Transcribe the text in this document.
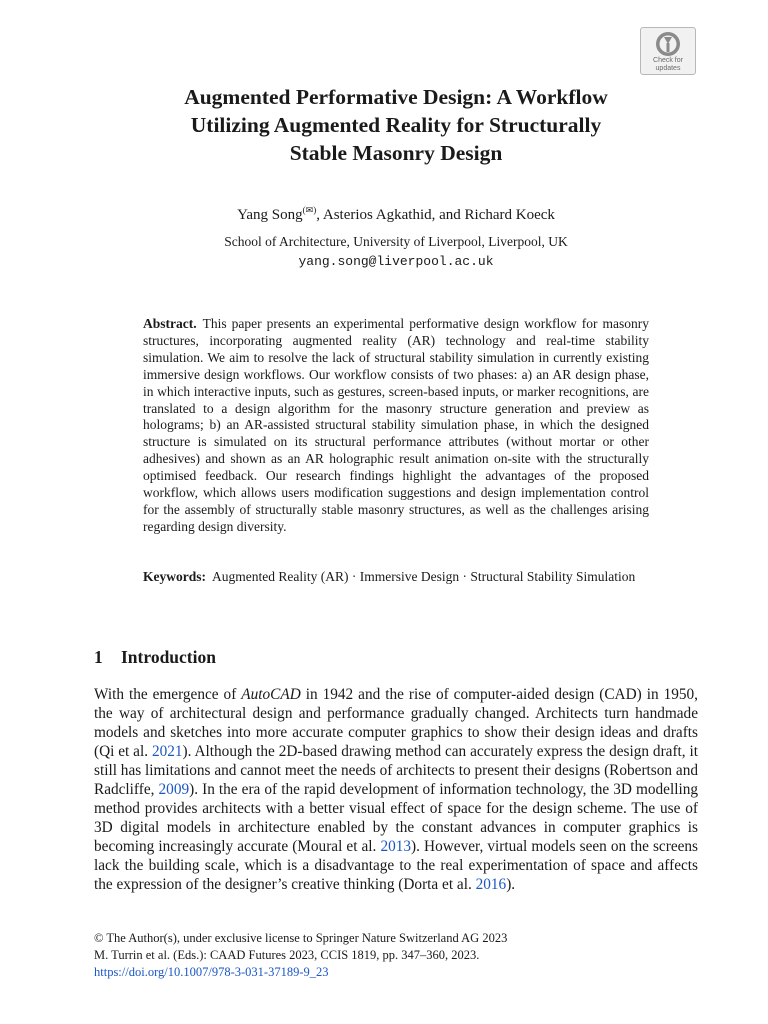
Check for
updates
Augmented Performative Design: A Workflow
Utilizing Augmented Reality for Structurally
Stable Masonry Design
Yang Song(✉), Asterios Agkathid, and Richard Koeck
School of Architecture, University of Liverpool, Liverpool, UK
yang.song@liverpool.ac.uk

Abstract. This paper presents an experimental performative design workflow for masonry structures, incorporating augmented reality (AR) technology and real-time stability simulation. We aim to resolve the lack of structural stability simulation in currently existing immersive design workflows. Our workflow consists of two phases: a) an AR design phase, in which interactive inputs, such as gestures, screen-based inputs, or marker recognitions, are translated to a design algorithm for the masonry structure generation and preview as holograms; b) an AR-assisted structural stability simulation phase, in which the designed structure is simulated on its structural performance attributes (without mortar or other adhesives) and shown as an AR holographic result animation on-site with the structurally optimised feedback. Our research findings highlight the advantages of the proposed workflow, which allows users modification suggestions and design implementation control for the assembly of structurally stable masonry structures, as well as the challenges arising regarding design diversity.

Keywords: Augmented Reality (AR) · Immersive Design · Structural Stability Simulation

1 Introduction

With the emergence of AutoCAD in 1942 and the rise of computer-aided design (CAD) in 1950, the way of architectural design and performance gradually changed. Architects turn handmade models and sketches into more accurate computer graphics to show their design ideas and drafts (Qi et al. 2021). Although the 2D-based drawing method can accurately express the design draft, it still has limitations and cannot meet the needs of architects to present their designs (Robertson and Radcliffe, 2009). In the era of the rapid development of information technology, the 3D modelling method provides architects with a better visual effect of space for the design scheme. The use of 3D digital models in architecture enabled by the constant advances in computer graphics is becoming increasingly accurate (Moural et al. 2013). However, virtual models seen on the screens lack the building scale, which is a disadvantage to the real experimentation of space and affects the expression of the designer’s creative thinking (Dorta et al. 2016).

© The Author(s), under exclusive license to Springer Nature Switzerland AG 2023
M. Turrin et al. (Eds.): CAAD Futures 2023, CCIS 1819, pp. 347–360, 2023.
https://doi.org/10.1007/978-3-031-37189-9_23
